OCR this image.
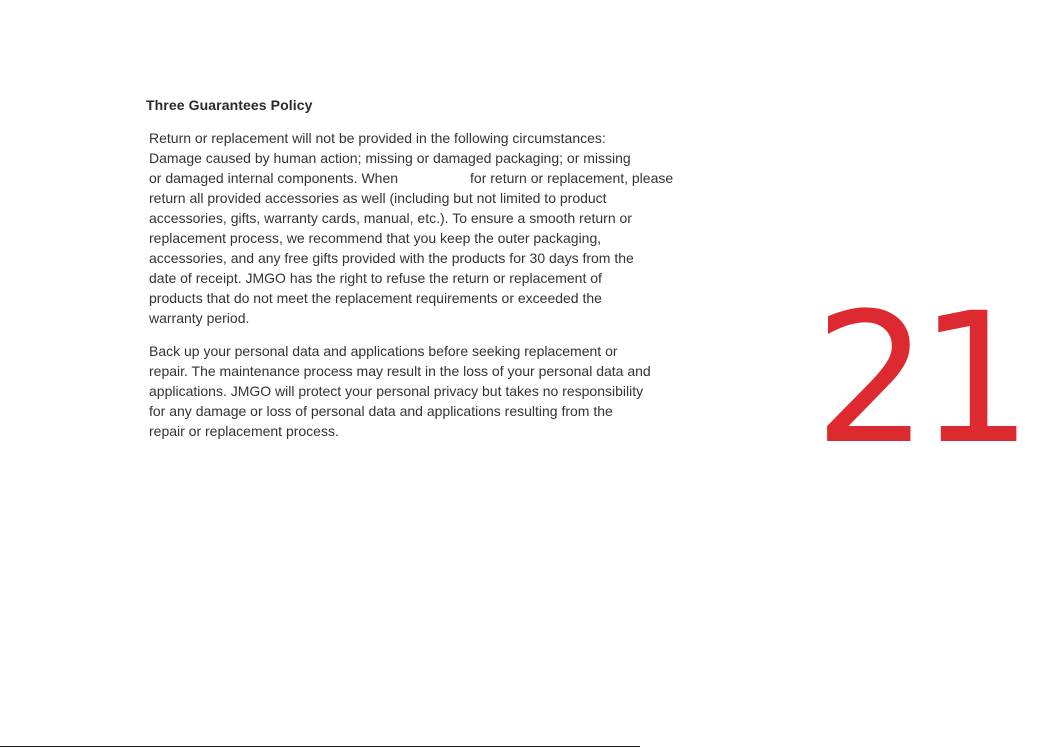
Three Guarantees Policy
Return or replacement will not be provided in the following circumstances:
Damage caused by human action; missing or damaged packaging; or missing
or damaged internal components. When	for return or replacement, please
return all provided accessories as well (including but not limited to product
accessories, gifts, warranty cards, manual, etc.). To ensure a smooth return or
replacement process, we recommend that you keep the outer packaging,
accessories, and any free gifts provided with the products for 30 days from the
date of receipt. JMGO has the right to refuse the return or replacement of
products that do not meet the replacement requirements or exceeded the
warranty period.
Back up your personal data and applications before seeking replacement or
repair. The maintenance process may result in the loss of your personal data and
applications. JMGO will protect your personal privacy but takes no responsibility
for any damage or loss of personal data and applications resulting from the
repair or replacement process.	21
